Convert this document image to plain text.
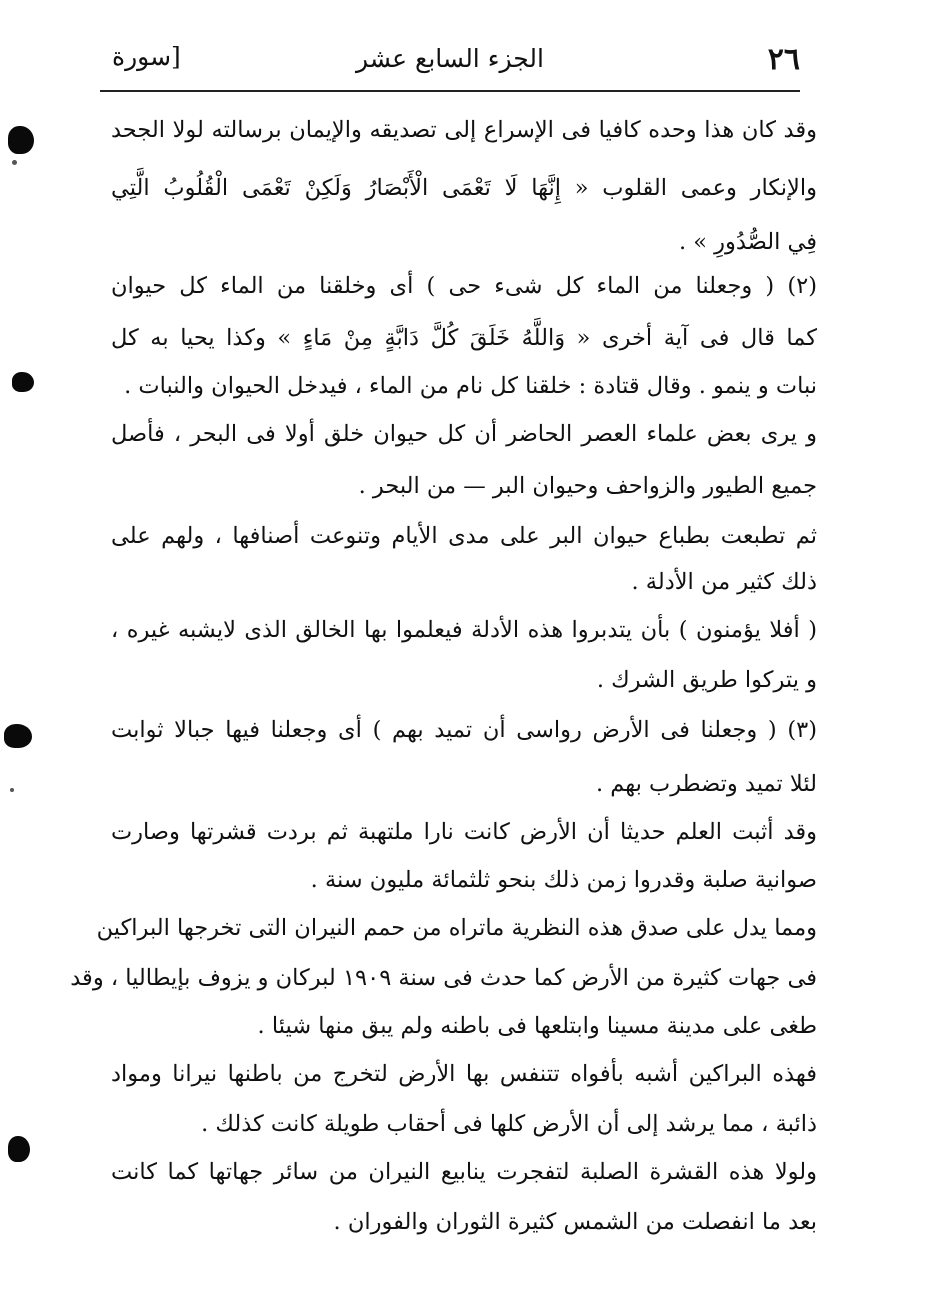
٢٦
الجزء السابع عشر
[سورة
وقد كان هذا وحده كافيا فى الإسراع إلى تصديقه والإيمان برسالته لولا الجحد
والإنكار وعمى القلوب « إِنَّهَا لَا تَعْمَى الْأَبْصَارُ وَلَكِنْ تَعْمَى الْقُلُوبُ الَّتِي
فِي الصُّدُورِ » .
(٢) ( وجعلنا من الماء كل شىء حى ) أى وخلقنا من الماء كل حيوان
كما قال فى آية أخرى « وَاللَّهُ خَلَقَ كُلَّ دَابَّةٍ مِنْ مَاءٍ » وكذا يحيا به كل
نبات و ينمو . وقال قتادة : خلقنا كل نام من الماء ، فيدخل الحيوان والنبات .
و يرى بعض علماء العصر الحاضر أن كل حيوان خلق أولا فى البحر ، فأصل
جميع الطيور والزواحف وحيوان البر — من البحر .
ثم تطبعت بطباع حيوان البر على مدى الأيام وتنوعت أصنافها ، ولهم على
ذلك كثير من الأدلة .
( أفلا يؤمنون ) بأن يتدبروا هذه الأدلة فيعلموا بها الخالق الذى لايشبه غيره ،
و يتركوا طريق الشرك .
(٣) ( وجعلنا فى الأرض رواسى أن تميد بهم ) أى وجعلنا فيها جبالا ثوابت
لئلا تميد وتضطرب بهم .
وقد أثبت العلم حديثا أن الأرض كانت نارا ملتهبة ثم بردت قشرتها وصارت
صوانية صلبة وقدروا زمن ذلك بنحو ثلثمائة مليون سنة .
ومما يدل على صدق هذه النظرية ماتراه من حمم النيران التى تخرجها البراكين
فى جهات كثيرة من الأرض كما حدث فى سنة ١٩٠٩ لبركان و يزوف بإيطاليا ، وقد
طغى على مدينة مسينا وابتلعها فى باطنه ولم يبق منها شيئا .
فهذه البراكين أشبه بأفواه تتنفس بها الأرض لتخرج من باطنها نيرانا ومواد
ذائبة ، مما يرشد إلى أن الأرض كلها فى أحقاب طويلة كانت كذلك .
ولولا هذه القشرة الصلبة لتفجرت ينابيع النيران من سائر جهاتها كما كانت
بعد ما انفصلت من الشمس كثيرة الثوران والفوران .
